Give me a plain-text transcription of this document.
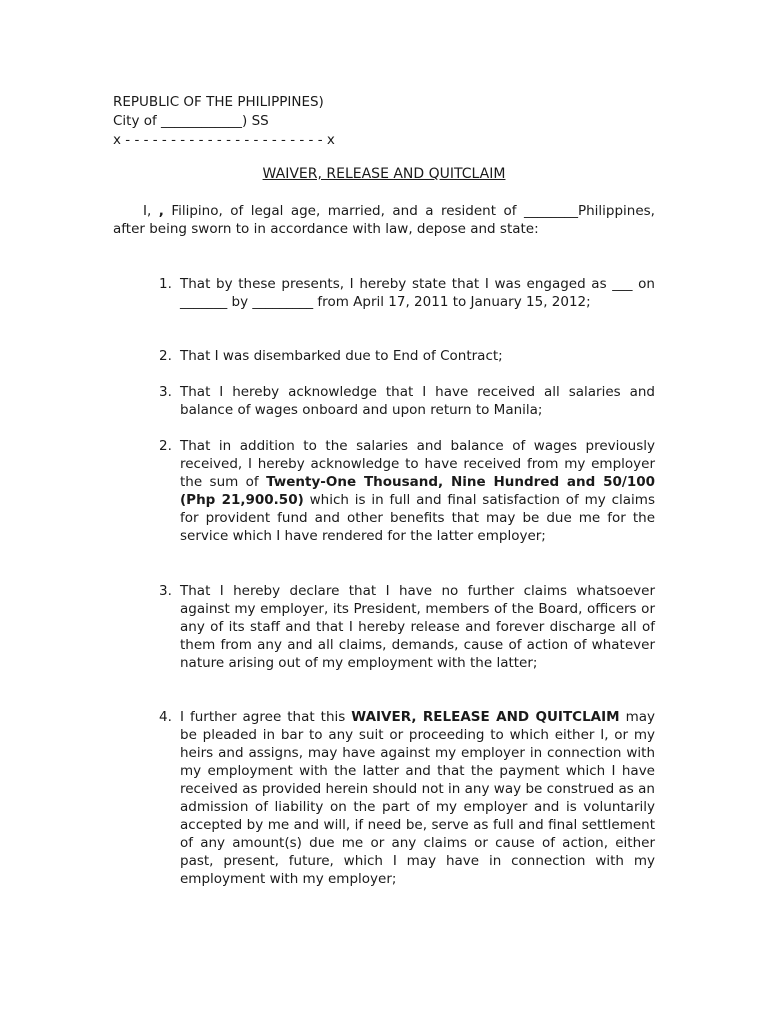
REPUBLIC OF THE PHILIPPINES)
City of ____________) SS
x - - - - - - - - - - - - - - - - - - - - - - x
WAIVER, RELEASE AND QUITCLAIM
I, , Filipino, of legal age, married, and a resident of ________Philippines, after being sworn to in accordance with law, depose and state:
1. That by these presents, I hereby state that I was engaged as ___ on _______ by _________ from April 17, 2011 to January 15, 2012;
2. That I was disembarked due to End of Contract;
3. That I hereby acknowledge that I have received all salaries and balance of wages onboard and upon return to Manila;
2. That in addition to the salaries and balance of wages previously received, I hereby acknowledge to have received from my employer the sum of Twenty-One Thousand, Nine Hundred and 50/100 (Php 21,900.50) which is in full and final satisfaction of my claims for provident fund and other benefits that may be due me for the service which I have rendered for the latter employer;
3. That I hereby declare that I have no further claims whatsoever against my employer, its President, members of the Board, officers or any of its staff and that I hereby release and forever discharge all of them from any and all claims, demands, cause of action of whatever nature arising out of my employment with the latter;
4. I further agree that this WAIVER, RELEASE AND QUITCLAIM may be pleaded in bar to any suit or proceeding to which either I, or my heirs and assigns, may have against my employer in connection with my employment with the latter and that the payment which I have received as provided herein should not in any way be construed as an admission of liability on the part of my employer and is voluntarily accepted by me and will, if need be, serve as full and final settlement of any amount(s) due me or any claims or cause of action, either past, present, future, which I may have in connection with my employment with my employer;
